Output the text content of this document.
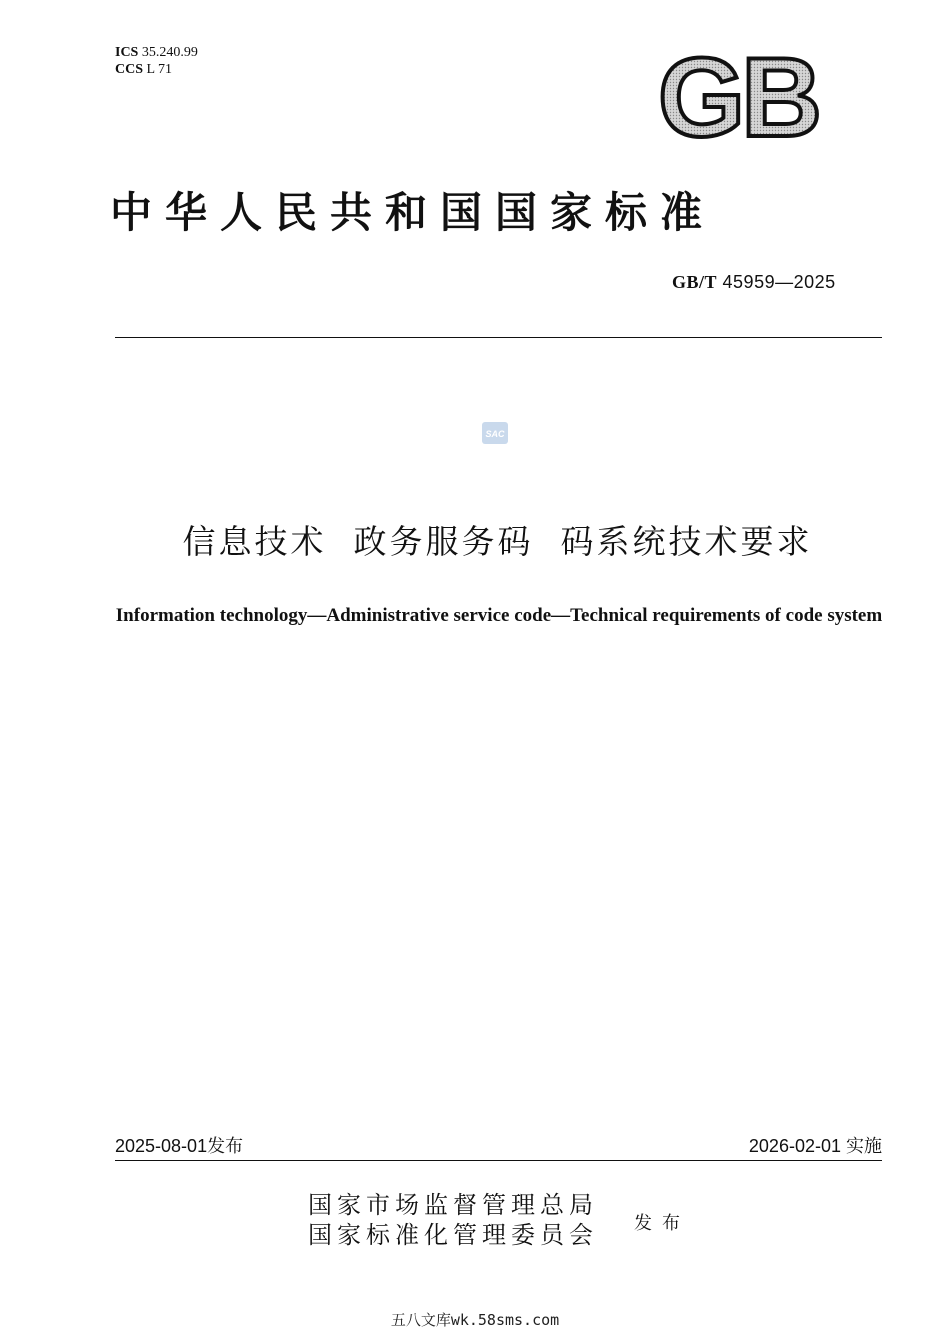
ICS 35.240.99
CCS L 71	GB
中华人民共和国国家标准
GB/T 45959—2025
SAC
信息技术  政务服务码  码系统技术要求
Information technology—Administrative service code—Technical requirements of code system
2025-08-01发布	2026-02-01 实施
国家市场监督管理总局
国家标准化管理委员会 发布
五八文库wk.58sms.com
